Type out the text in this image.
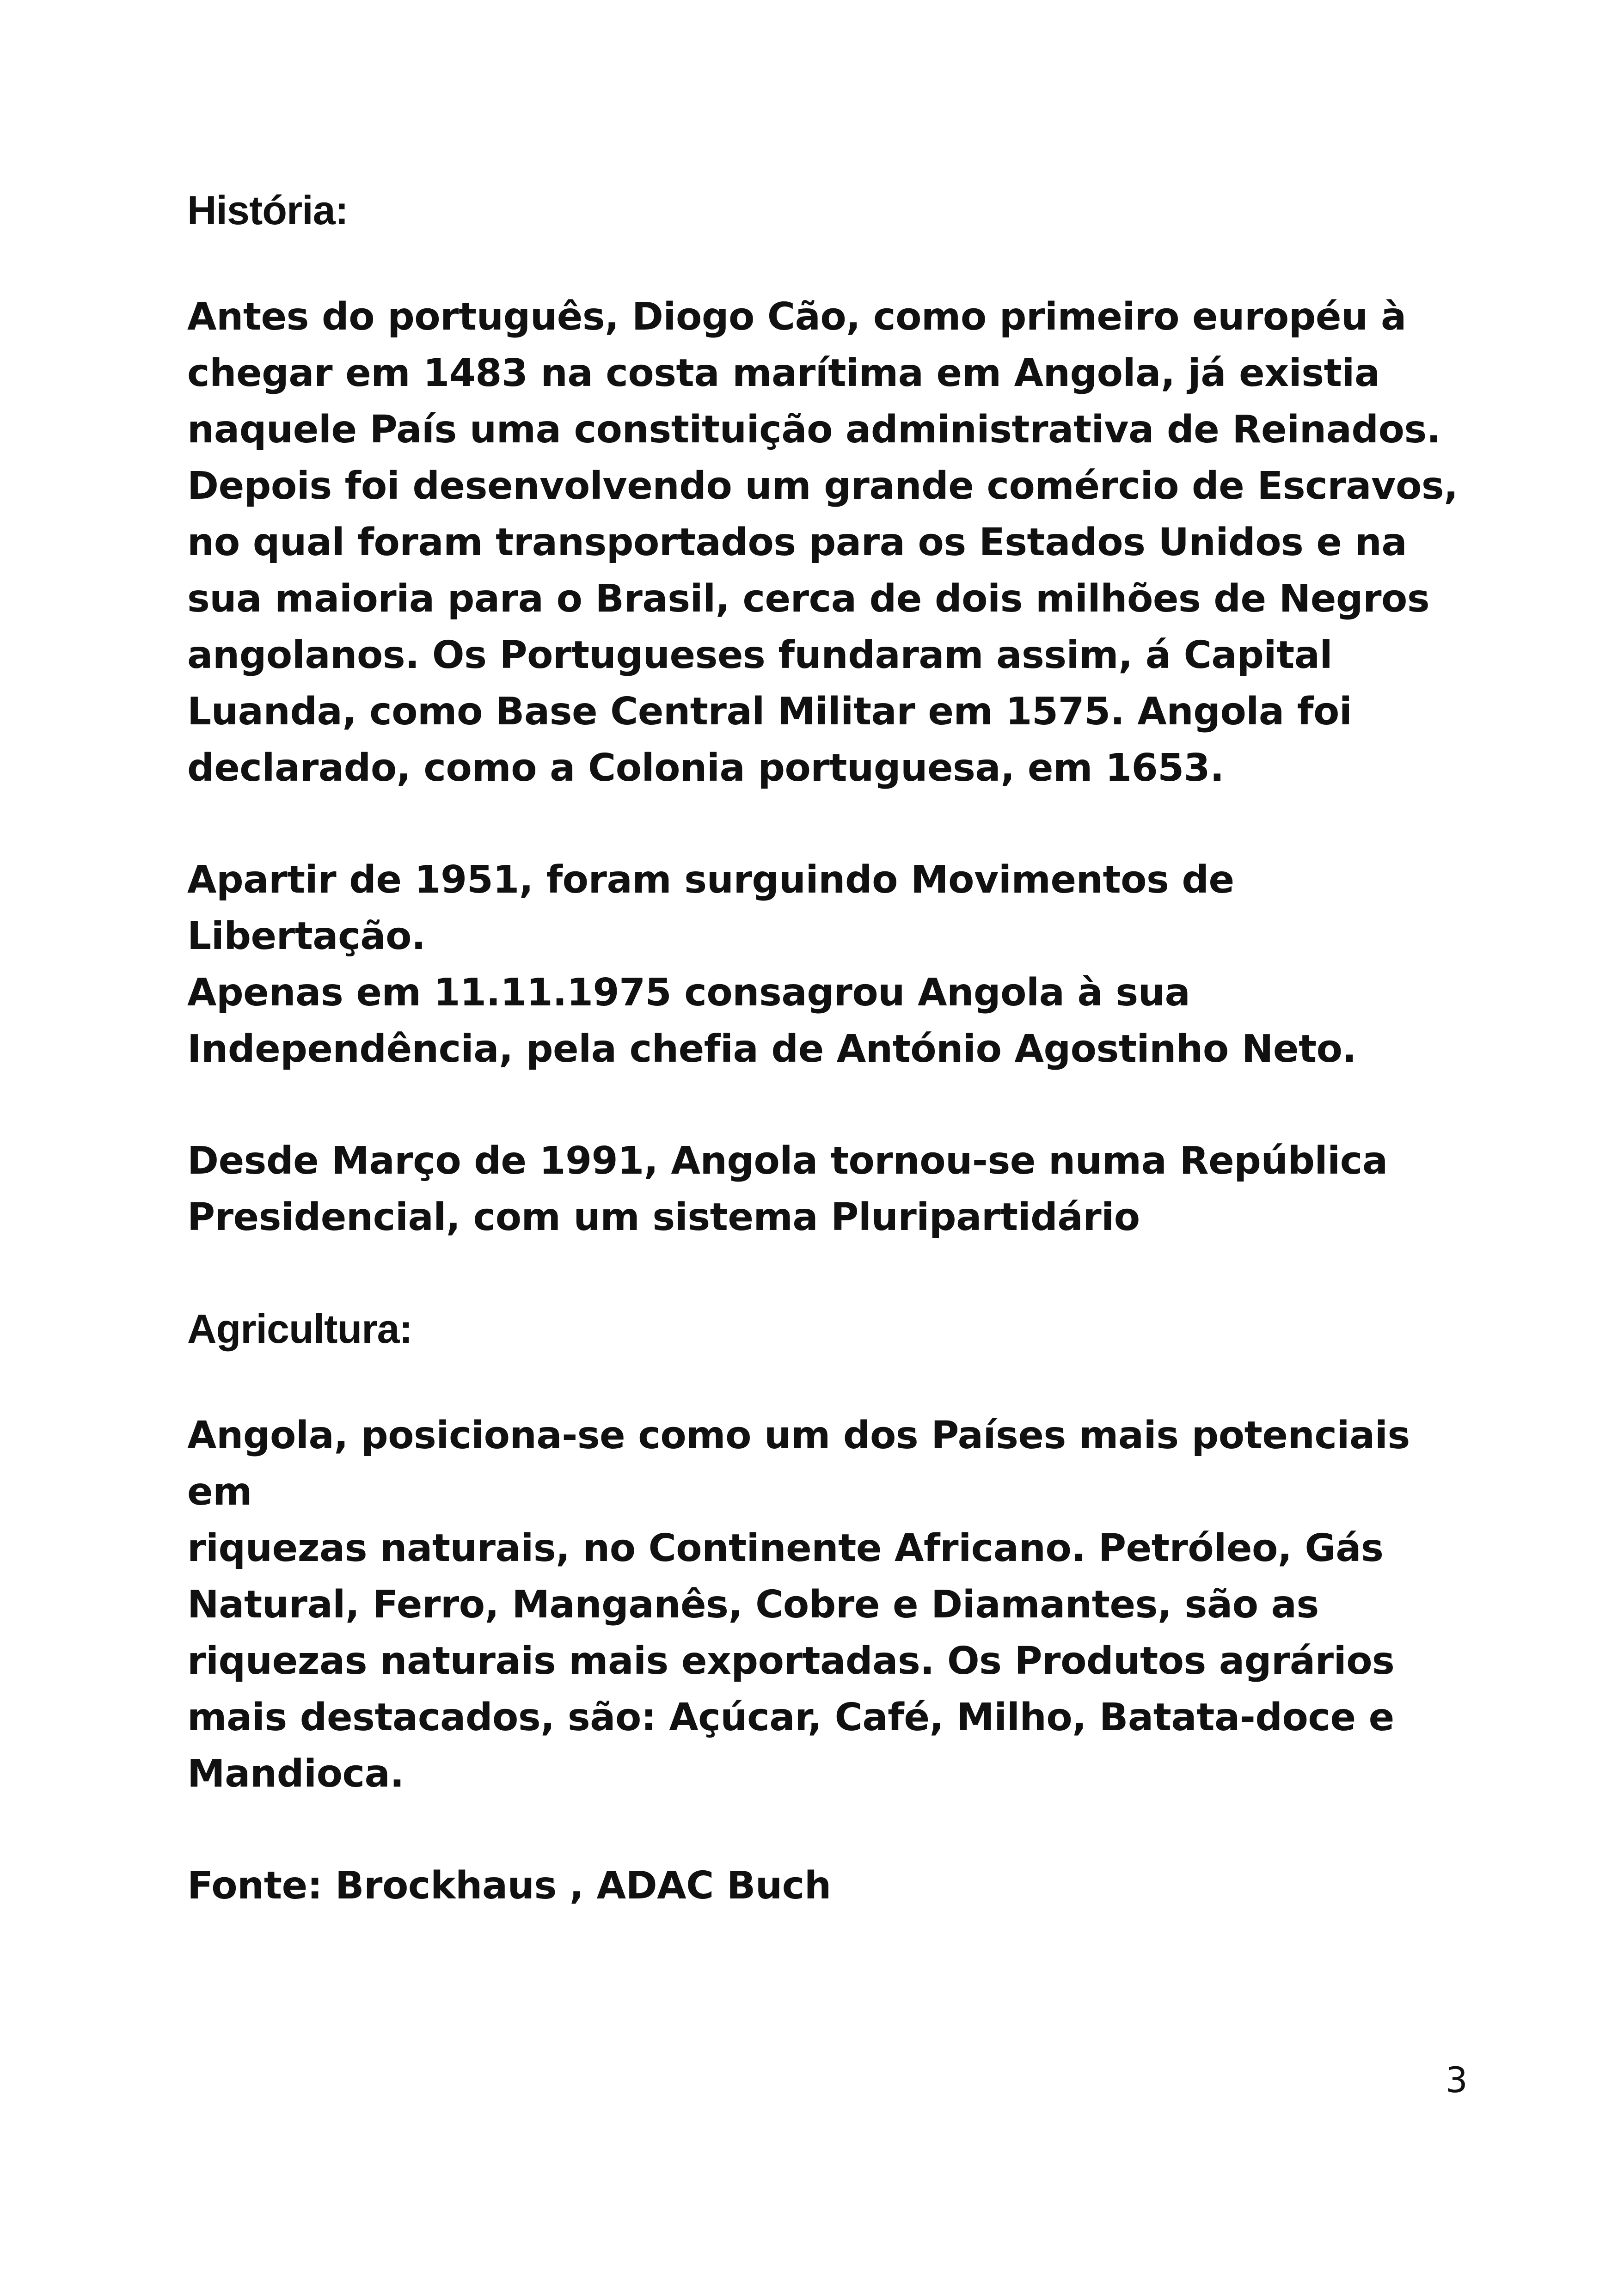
História:

Antes do português, Diogo Cão, como primeiro européu à
chegar em 1483 na costa marítima em Angola, já existia
naquele País uma constituição administrativa de Reinados.
Depois foi desenvolvendo um grande comércio de Escravos,
no qual foram transportados para os Estados Unidos e na
sua maioria para o Brasil, cerca de dois milhões de Negros
angolanos. Os Portugueses fundaram assim, á Capital
Luanda, como Base Central Militar em 1575. Angola foi
declarado, como a Colonia portuguesa, em 1653.

Apartir de 1951, foram surguindo Movimentos de Libertação.
Apenas em 11.11.1975 consagrou Angola à sua
Independência, pela chefia de António Agostinho Neto.

Desde Março de 1991, Angola tornou-se numa República
Presidencial, com um sistema Pluripartidário

Agricultura:

Angola, posiciona-se como um dos Países mais potenciais em
riquezas naturais, no Continente Africano. Petróleo, Gás
Natural, Ferro, Manganês, Cobre e Diamantes, são as
riquezas naturais mais exportadas. Os Produtos agrários
mais destacados, são: Açúcar, Café, Milho, Batata-doce e
Mandioca.

Fonte: Brockhaus , ADAC Buch

3
